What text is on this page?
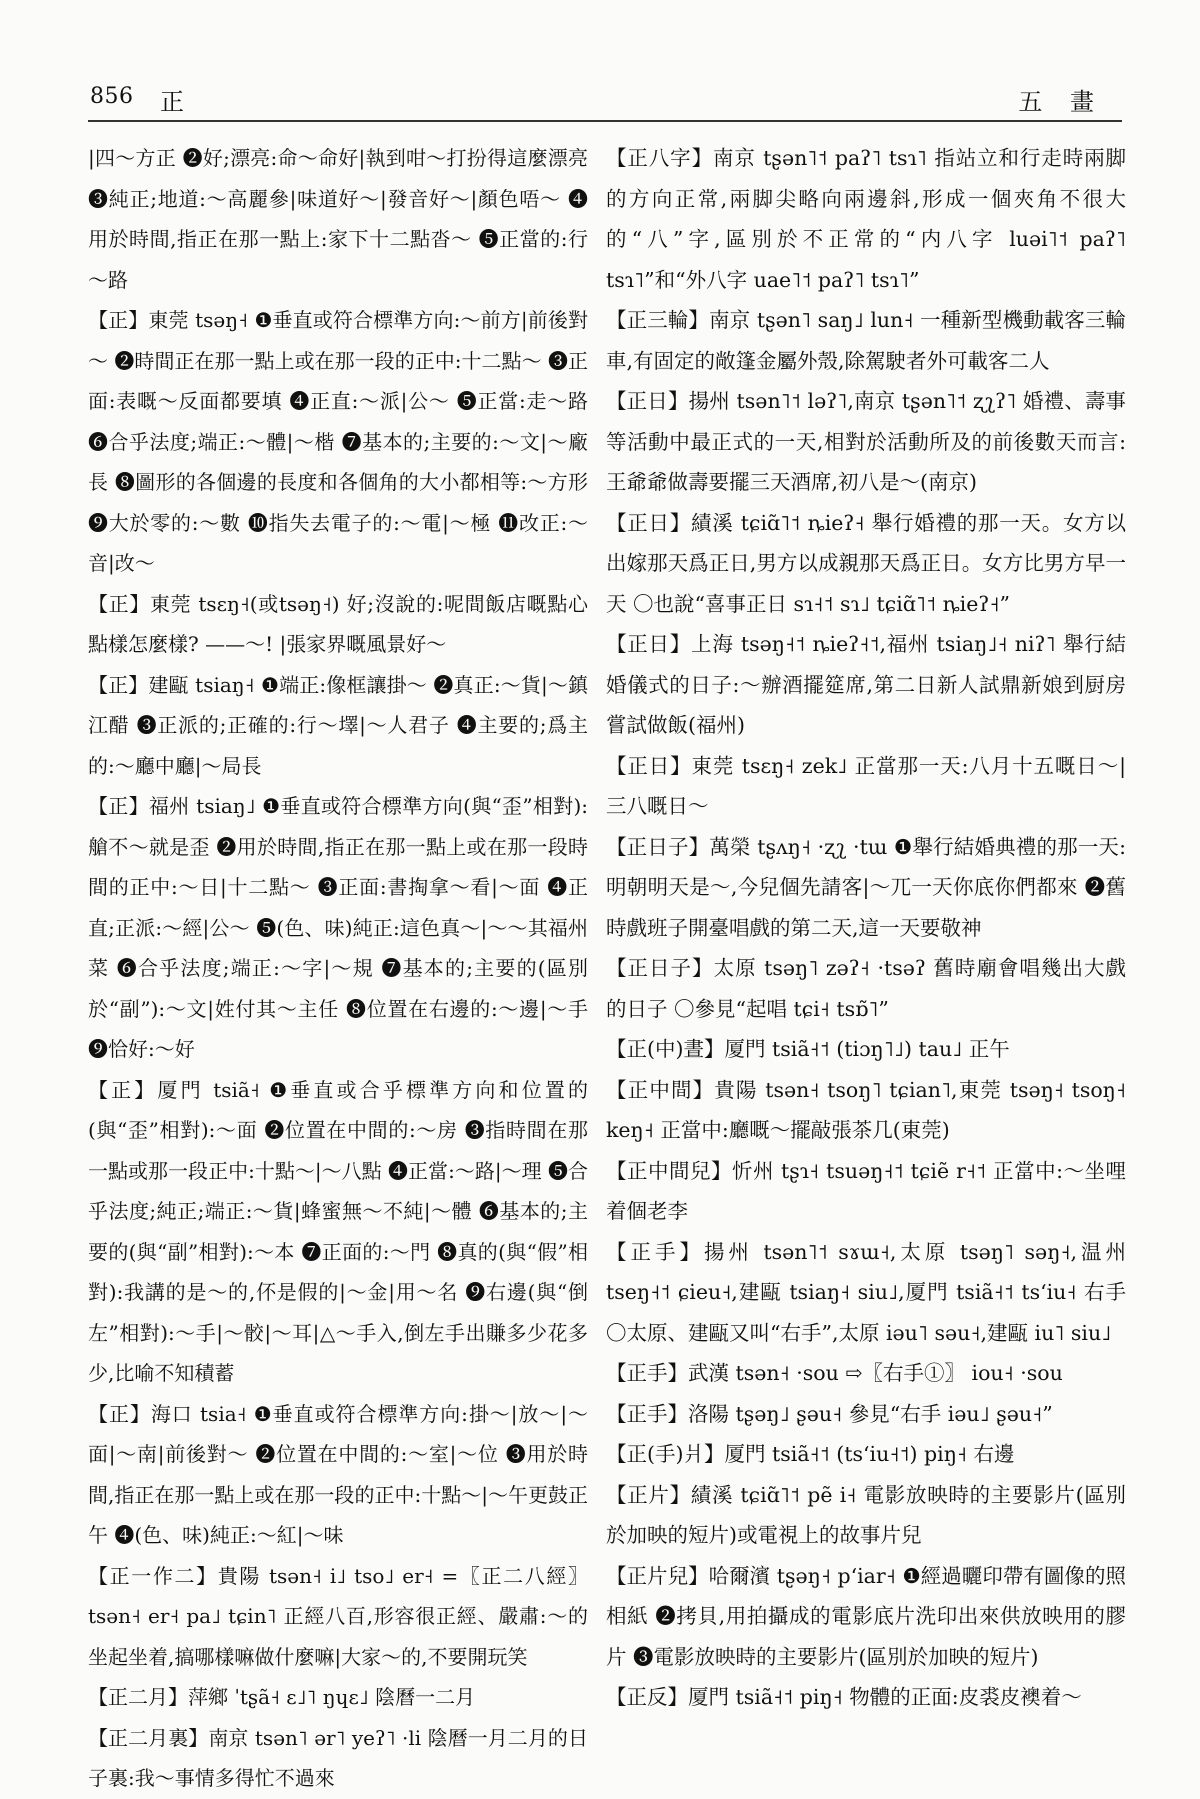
856 正	五 畫

|四～方正 ❷好;漂亮:命～命好|執到咁～打扮得這麼漂亮 ❸純正;地道:～高麗參|味道好～|發音好～|顏色唔～ ❹用於時間,指正在那一點上:家下十二點沓～ ❺正當的:行～路

【正】東莞 tsəŋ˧ ❶垂直或符合標準方向:～前方|前後對～ ❷時間正在那一點上或在那一段的正中:十二點～ ❸正面:表嘅～反面都要填 ❹正直:～派|公～ ❺正當:走～路 ❻合乎法度;端正:～體|～楷 ❼基本的;主要的:～文|～廠長 ❽圖形的各個邊的長度和各個角的大小都相等:～方形 ❾大於零的:～數 ❿指失去電子的:～電|～極 ⓫改正:～音|改～

【正】東莞 tsɛŋ˧(或tsəŋ˧) 好;沒說的:呢間飯店嘅點心點樣怎麼樣? ——～! |張家界嘅風景好～

【正】建甌 tsiaŋ˧ ❶端正:像框讓掛～ ❷真正:～貨|～鎮江醋 ❸正派的;正確的:行～墿|～人君子 ❹主要的;爲主的:～廳中廳|～局長

【正】福州 tsiaŋ˩ ❶垂直或符合標準方向(與“歪”相對):艙不～就是歪 ❷用於時間,指正在那一點上或在那一段時間的正中:～日|十二點～ ❸正面:書掏拿～看|～面 ❹正直;正派:～經|公～ ❺(色、味)純正:這色真～|～～其福州菜 ❻合乎法度;端正:～字|～規 ❼基本的;主要的(區別於“副”):～文|姓付其～主任 ❽位置在右邊的:～邊|～手 ❾恰好:～好

【正】厦門 tsiã˧ ❶垂直或合乎標準方向和位置的(與“歪”相對):～面 ❷位置在中間的:～房 ❸指時間在那一點或那一段正中:十點～|～八點 ❹正當:～路|～理 ❺合乎法度;純正;端正:～貨|蜂蜜無～不純|～體 ❻基本的;主要的(與“副”相對):～本 ❼正面的:～門 ❽真的(與“假”相對):我講的是～的,伓是假的|～金|用～名 ❾右邊(與“倒左”相對):～手|～骹|～耳|△～手入,倒左手出賺多少花多少,比喻不知積蓄

【正】海口 tsia˧ ❶垂直或符合標準方向:掛～|放～|～面|～南|前後對～ ❷位置在中間的:～室|～位 ❸用於時間,指正在那一點上或在那一段的正中:十點～|～午更鼓正午 ❹(色、味)純正:～紅|～味

【正一作二】貴陽 tsən˧ i˩ tso˩ er˧ =〖正二八經〗tsən˧ er˧ pa˩ tɕin˥ 正經八百,形容很正經、嚴肅:～的坐起坐着,搞哪樣嘛做什麼嘛|大家～的,不要開玩笑

【正二月】萍鄉 ˈtʂã˧ ɛ˩˥ ŋɥɛ˩ 陰曆一二月

【正二月裏】南京 tsən˥ ər˥ yeʔ˥ ·li 陰曆一月二月的日子裏:我～事情多得忙不過來

【正八字】南京 tʂən˥˦ paʔ˥ tsɿ˥ 指站立和行走時兩脚的方向正常,兩脚尖略向兩邊斜,形成一個夾角不很大的“八”字,區別於不正常的“内八字 luəi˥˦ paʔ˥ tsɿ˥”和“外八字 uae˥˦ paʔ˥ tsɿ˥”

【正三輪】南京 tʂən˥ saŋ˩ lun˧ 一種新型機動載客三輪車,有固定的敞篷金屬外殼,除駕駛者外可載客二人

【正日】揚州 tsən˥˦ ləʔ˥,南京 tʂən˥˦ ʐʅʔ˥ 婚禮、壽事等活動中最正式的一天,相對於活動所及的前後數天而言:王爺爺做壽要擺三天酒席,初八是～(南京)

【正日】績溪 tɕiɑ̃˥˦ ȵieʔ˧ 舉行婚禮的那一天。女方以出嫁那天爲正日,男方以成親那天爲正日。女方比男方早一天 〇也說“喜事正日 sɿ˧˦ sɿ˩ tɕiɑ̃˥˦ ȵieʔ˧”

【正日】上海 tsəŋ˧˦ ȵieʔ˧˦,福州 tsiaŋ˩˧ niʔ˥ 舉行結婚儀式的日子:～辦酒擺筵席,第二日新人試鼎新娘到厨房嘗試做飯(福州)

【正日】東莞 tsɛŋ˧ zek˩ 正當那一天:八月十五嘅日～|三八嘅日～

【正日子】萬榮 tʂʌŋ˧ ·ʐʅ ·tɯ ❶舉行結婚典禮的那一天:明朝明天是～,今兒個先請客|～兀一天你底你們都來 ❷舊時戲班子開臺唱戲的第二天,這一天要敬神

【正日子】太原 tsəŋ˥ zəʔ˧ ·tsəʔ 舊時廟會唱幾出大戲的日子 〇參見“起唱 tɕi˧ tsɒ̃˥”

【正(中)晝】厦門 tsiã˧˦ (tiɔŋ˥˩) tau˩ 正午

【正中間】貴陽 tsən˧ tsoŋ˥ tɕian˥,東莞 tsəŋ˧ tsoŋ˧ keŋ˧ 正當中:廳嘅～擺敲張茶几(東莞)

【正中間兒】忻州 tʂɿ˧ tsuəŋ˧˦ tɕiẽ r˧˦ 正當中:～坐哩着個老李

【正手】揚州 tsən˥˦ sɤɯ˧,太原 tsəŋ˥ səŋ˧,温州 tseŋ˧˦ ɕieu˧,建甌 tsiaŋ˧ siu˩,厦門 tsiã˧˦ tsʻiu˧ 右手 〇太原、建甌又叫“右手”,太原 iəu˥ səu˧,建甌 iu˥ siu˩

【正手】武漢 tsən˧ ·sou ⇨〖右手①〗 iou˧ ·sou

【正手】洛陽 tʂəŋ˩ ʂəu˧ 參見“右手 iəu˩ ʂəu˧”

【正(手)爿】厦門 tsiã˧˦ (tsʻiu˧˦) piŋ˧ 右邊

【正片】績溪 tɕiɑ̃˥˦ pẽ i˧ 電影放映時的主要影片(區別於加映的短片)或電視上的故事片兒

【正片兒】哈爾濱 tʂəŋ˧ pʻiar˧ ❶經過曬印帶有圖像的照相紙 ❷拷貝,用拍攝成的電影底片洗印出來供放映用的膠片 ❸電影放映時的主要影片(區別於加映的短片)

【正反】厦門 tsiã˧˦ piŋ˧ 物體的正面:皮裘皮襖着～
